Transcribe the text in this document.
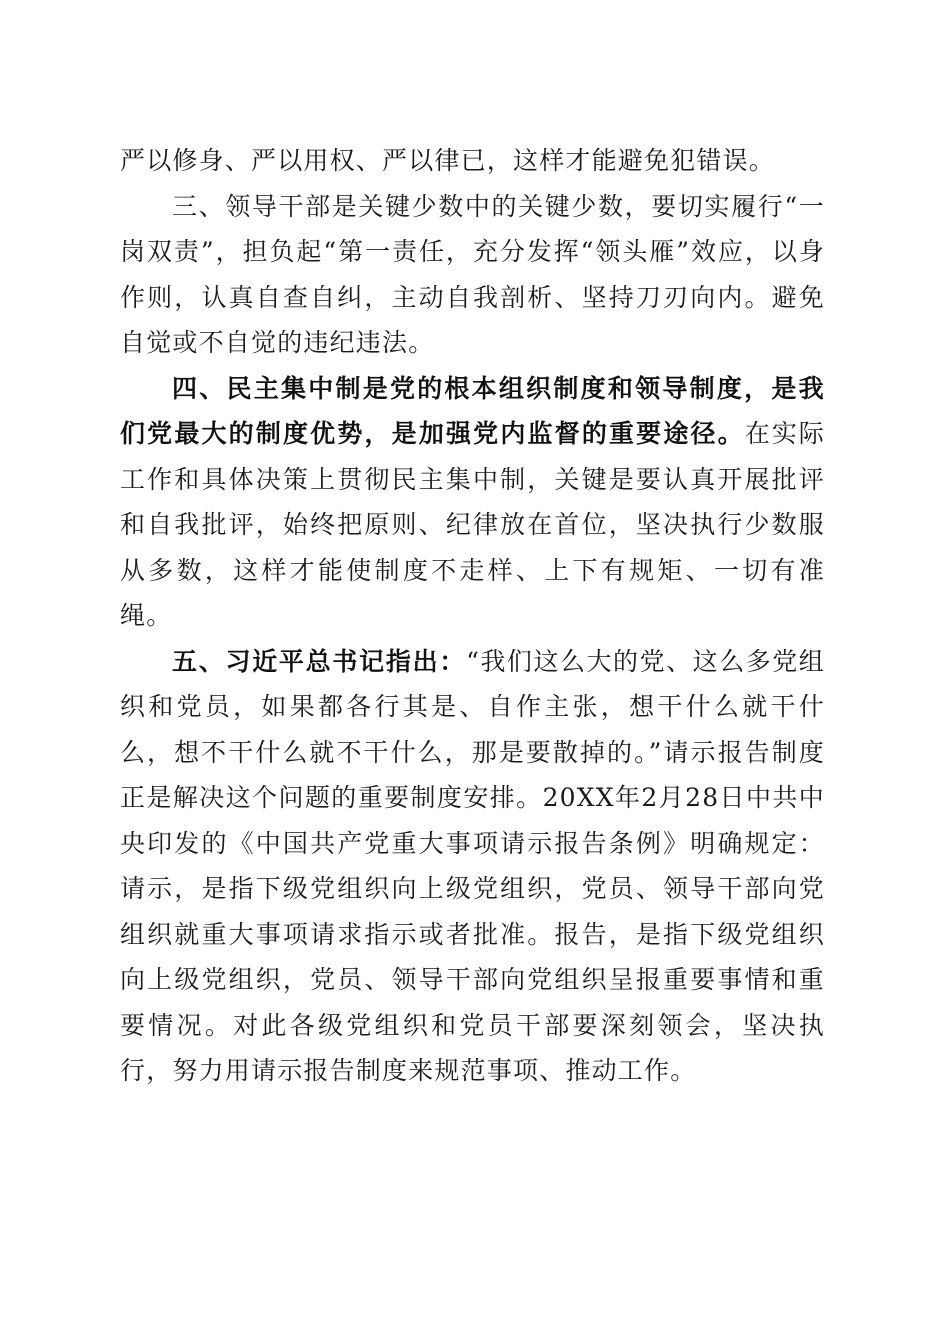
严以修身、严以用权、严以律已，这样才能避免犯错误。

三、领导干部是关键少数中的关键少数，要切实履行“一岗双责”，担负起“第一责任，充分发挥“领头雁”效应，以身作则，认真自查自纠，主动自我剖析、坚持刀刃向内。避免自觉或不自觉的违纪违法。

四、民主集中制是党的根本组织制度和领导制度，是我们党最大的制度优势，是加强党内监督的重要途径。在实际工作和具体决策上贯彻民主集中制，关键是要认真开展批评和自我批评，始终把原则、纪律放在首位，坚决执行少数服从多数，这样才能使制度不走样、上下有规矩、一切有准绳。

五、习近平总书记指出：“我们这么大的党、这么多党组织和党员，如果都各行其是、自作主张，想干什么就干什么，想不干什么就不干什么，那是要散掉的。”请示报告制度正是解决这个问题的重要制度安排。20XX年2月28日中共中央印发的《中国共产党重大事项请示报告条例》明确规定：请示，是指下级党组织向上级党组织，党员、领导干部向党组织就重大事项请求指示或者批准。报告，是指下级党组织向上级党组织，党员、领导干部向党组织呈报重要事情和重要情况。对此各级党组织和党员干部要深刻领会，坚决执行，努力用请示报告制度来规范事项、推动工作。
